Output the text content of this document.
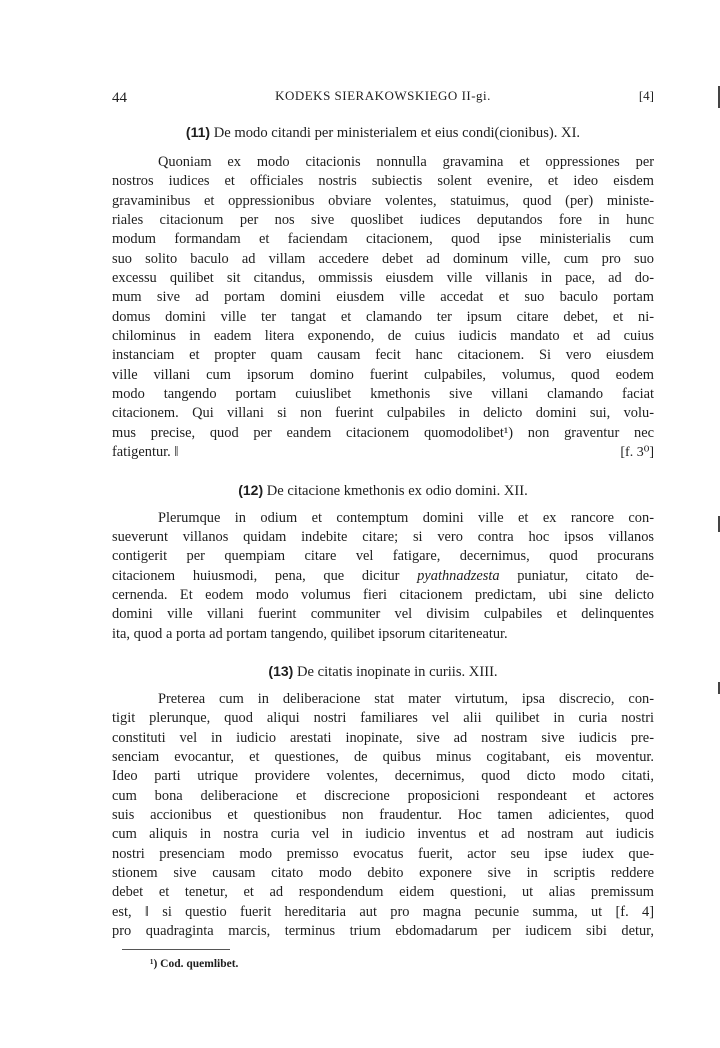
44	KODEKS SIERAKOWSKIEGO II-gi.	[4]
(11) De modo citandi per ministerialem et eius condi(cionibus). XI.
Quoniam ex modo citacionis nonnulla gravamina et oppressiones per
nostros iudices et officiales nostris subiectis solent evenire, et ideo eisdem
gravaminibus et oppressionibus obviare volentes, statuimus, quod (per) ministe-
riales citacionum per nos sive quoslibet iudices deputandos fore in hunc
modum formandam et faciendam citacionem, quod ipse ministerialis cum
suo solito baculo ad villam accedere debet ad dominum ville, cum pro suo
excessu quilibet sit citandus, ommissis eiusdem ville villanis in pace, ad do-
mum sive ad portam domini eiusdem ville accedat et suo baculo portam
domus domini ville ter tangat et clamando ter ipsum citare debet, et ni-
chilominus in eadem litera exponendo, de cuius iudicis mandato et ad cuius
instanciam et propter quam causam fecit hanc citacionem. Si vero eiusdem
ville villani cum ipsorum domino fuerint culpabiles, volumus, quod eodem
modo tangendo portam cuiuslibet kmethonis sive villani clamando faciat
citacionem. Qui villani si non fuerint culpabiles in delicto domini sui, volu-
mus precise, quod per eandem citacionem quomodolibet¹) non graventur nec
fatigentur. ‖	[f. 3⁰]
(12) De citacione kmethonis ex odio domini. XII.
Plerumque in odium et contemptum domini ville et ex rancore con-
sueverunt villanos quidam indebite citare; si vero contra hoc ipsos villanos
contigerit per quempiam citare vel fatigare, decernimus, quod procurans
citacionem huiusmodi, pena, que dicitur pyathnadzesta puniatur, citato de-
cernenda. Et eodem modo volumus fieri citacionem predictam, ubi sine delicto
domini ville villani fuerint communiter vel divisim culpabiles et delinquentes
ita, quod a porta ad portam tangendo, quilibet ipsorum citariteneatur.
(13) De citatis inopinate in curiis. XIII.
Preterea cum in deliberacione stat mater virtutum, ipsa discrecio, con-
tigit plerunque, quod aliqui nostri familiares vel alii quilibet in curia nostri
constituti vel in iudicio arestati inopinate, sive ad nostram sive iudicis pre-
senciam evocantur, et questiones, de quibus minus cogitabant, eis moventur.
Ideo parti utrique providere volentes, decernimus, quod dicto modo citati,
cum bona deliberacione et discrecione proposicioni respondeant et actores
suis accionibus et questionibus non fraudentur. Hoc tamen adicientes, quod
cum aliquis in nostra curia vel in iudicio inventus et ad nostram aut iudicis
nostri presenciam modo premisso evocatus fuerit, actor seu ipse iudex que-
stionem sive causam citato modo debito exponere sive in scriptis reddere
debet et tenetur, et ad respondendum eidem questioni, ut alias premissum
est, ‖ si questio fuerit hereditaria aut pro magna pecunie summa, ut [f. 4]
pro quadraginta marcis, terminus trium ebdomadarum per iudicem sibi detur,
¹) Cod. quemlibet.
